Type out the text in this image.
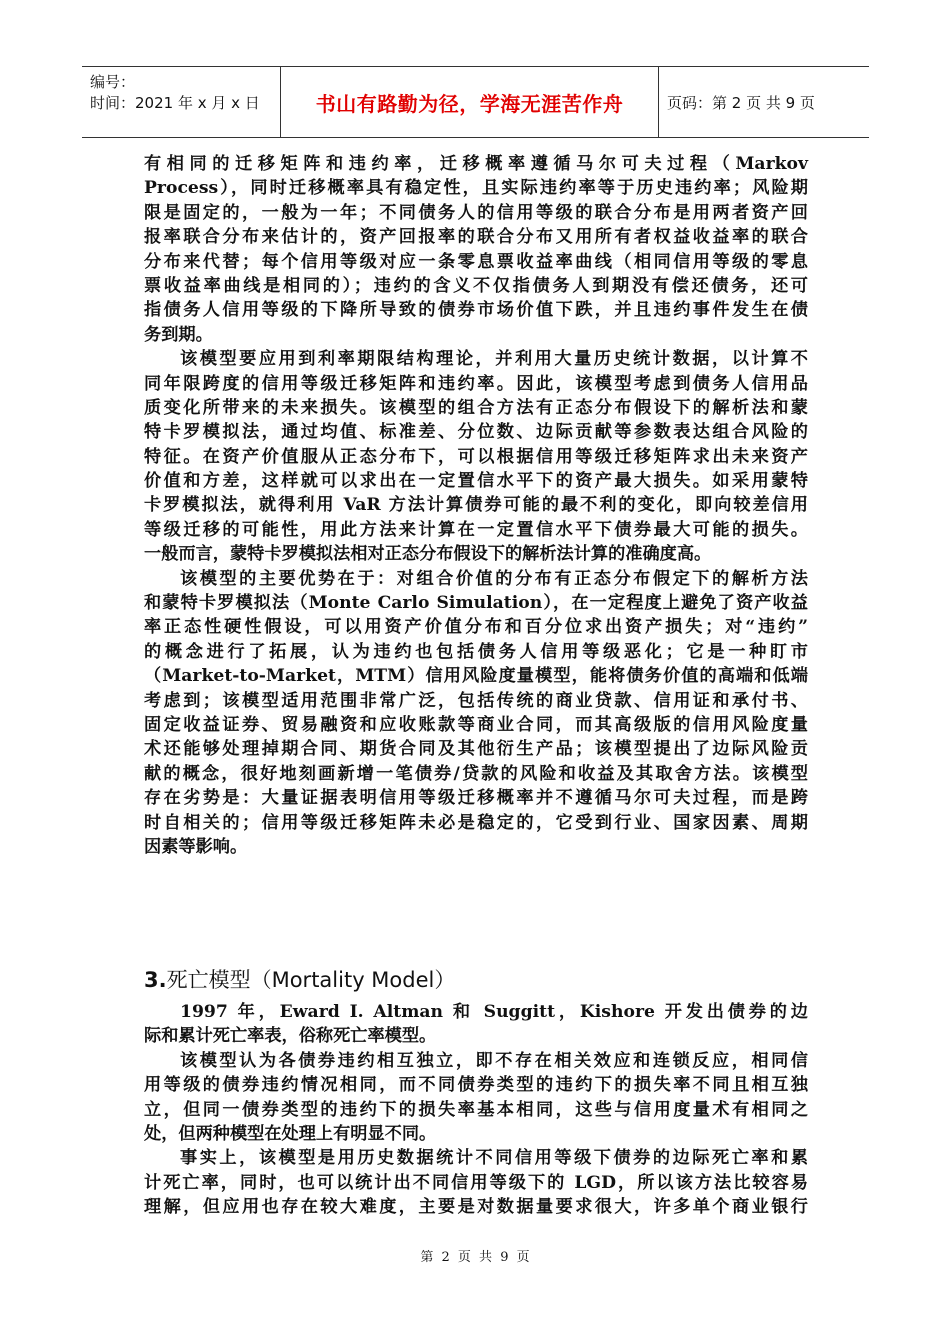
编号：
时间：2021 年 x 月 x 日	书山有路勤为径，学海无涯苦作舟	页码：第 2 页 共 9 页
有相同的迁移矩阵和违约率，迁移概率遵循马尔可夫过程（Markov
Process），同时迁移概率具有稳定性，且实际违约率等于历史违约率；风险期
限是固定的，一般为一年；不同债务人的信用等级的联合分布是用两者资产回
报率联合分布来估计的，资产回报率的联合分布又用所有者权益收益率的联合
分布来代替；每个信用等级对应一条零息票收益率曲线（相同信用等级的零息
票收益率曲线是相同的）；违约的含义不仅指债务人到期没有偿还债务，还可
指债务人信用等级的下降所导致的债券市场价值下跌，并且违约事件发生在债
务到期。
该模型要应用到利率期限结构理论，并利用大量历史统计数据，以计算不
同年限跨度的信用等级迁移矩阵和违约率。因此，该模型考虑到债务人信用品
质变化所带来的未来损失。该模型的组合方法有正态分布假设下的解析法和蒙
特卡罗模拟法，通过均值、标准差、分位数、边际贡献等参数表达组合风险的
特征。在资产价值服从正态分布下，可以根据信用等级迁移矩阵求出未来资产
价值和方差，这样就可以求出在一定置信水平下的资产最大损失。如采用蒙特
卡罗模拟法，就得利用 VaR 方法计算债券可能的最不利的变化，即向较差信用
等级迁移的可能性，用此方法来计算在一定置信水平下债券最大可能的损失。
一般而言，蒙特卡罗模拟法相对正态分布假设下的解析法计算的准确度高。
该模型的主要优势在于：对组合价值的分布有正态分布假定下的解析方法
和蒙特卡罗模拟法（Monte Carlo Simulation），在一定程度上避免了资产收益
率正态性硬性假设，可以用资产价值分布和百分位求出资产损失；对“违约”
的概念进行了拓展，认为违约也包括债务人信用等级恶化；它是一种盯市
（Market-to-Market，MTM）信用风险度量模型，能将债务价值的高端和低端
考虑到；该模型适用范围非常广泛，包括传统的商业贷款、信用证和承付书、
固定收益证券、贸易融资和应收账款等商业合同，而其高级版的信用风险度量
术还能够处理掉期合同、期货合同及其他衍生产品；该模型提出了边际风险贡
献的概念，很好地刻画新增一笔债券/贷款的风险和收益及其取舍方法。该模型
存在劣势是：大量证据表明信用等级迁移概率并不遵循马尔可夫过程，而是跨
时自相关的；信用等级迁移矩阵未必是稳定的，它受到行业、国家因素、周期
因素等影响。
3.死亡模型（Mortality Model）
1997 年，Eward I. Altman 和 Suggitt，Kishore 开发出债券的边
际和累计死亡率表，俗称死亡率模型。
该模型认为各债券违约相互独立，即不存在相关效应和连锁反应，相同信
用等级的债券违约情况相同，而不同债券类型的违约下的损失率不同且相互独
立，但同一债券类型的违约下的损失率基本相同，这些与信用度量术有相同之
处，但两种模型在处理上有明显不同。
事实上，该模型是用历史数据统计不同信用等级下债券的边际死亡率和累
计死亡率，同时，也可以统计出不同信用等级下的 LGD，所以该方法比较容易
理解，但应用也存在较大难度，主要是对数据量要求很大，许多单个商业银行
第 2 页 共 9 页
